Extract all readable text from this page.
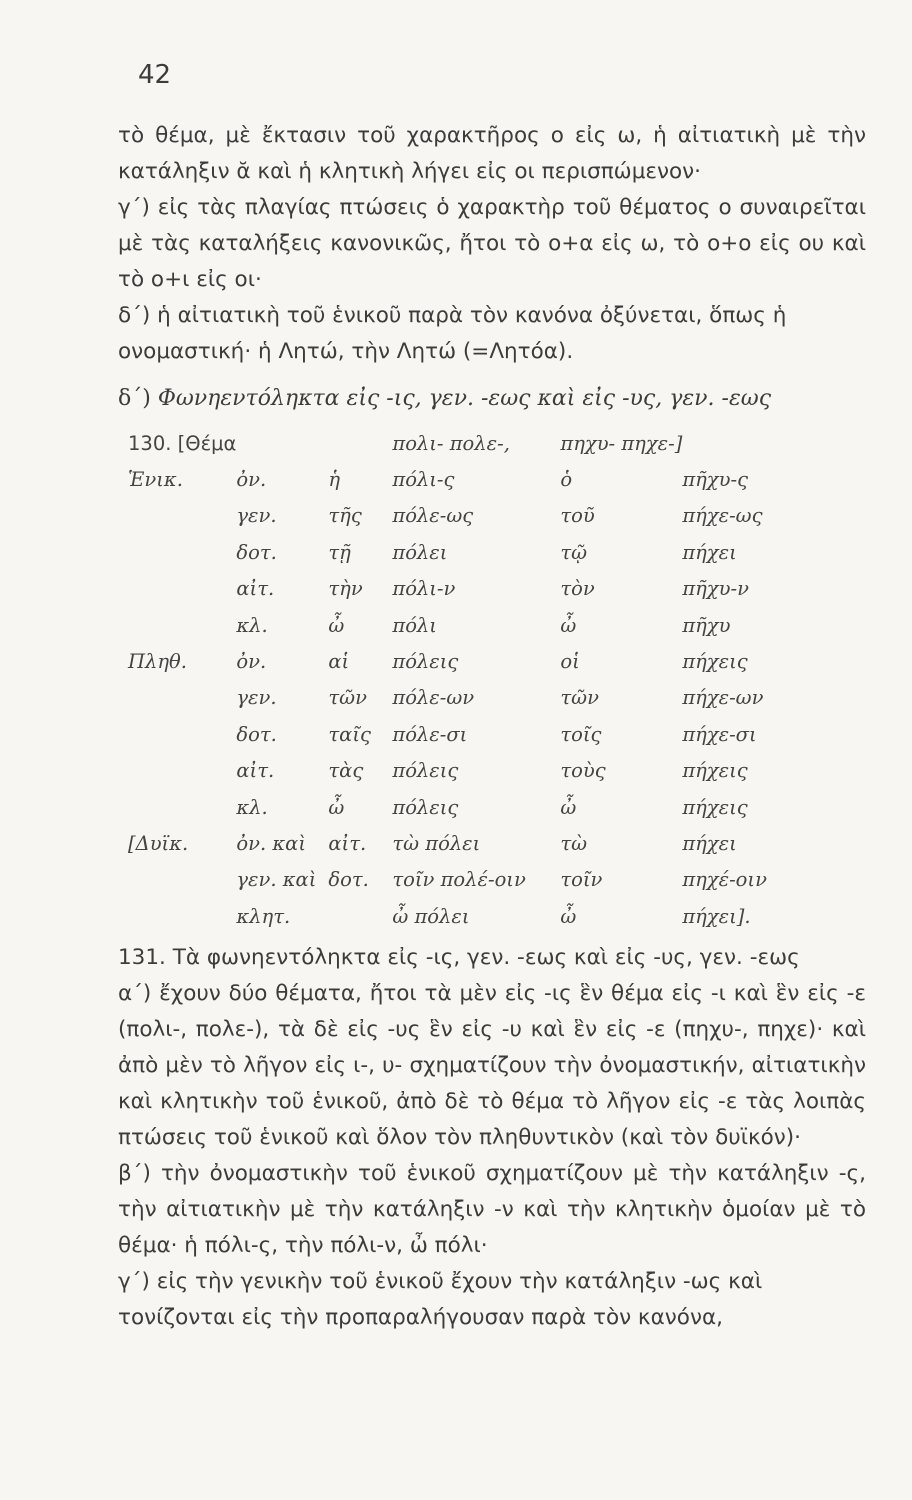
42

τὸ θέμα, μὲ ἔκτασιν τοῦ χαρακτῆρος ο εἰς ω, ἡ αἰτιατικὴ μὲ τὴν κατάληξιν ᾰ καὶ ἡ κλητικὴ λήγει εἰς οι περισπώμενον·

γ΄) εἰς τὰς πλαγίας πτώσεις ὁ χαρακτὴρ τοῦ θέματος ο συναιρεῖται μὲ τὰς καταλήξεις κανονικῶς, ἤτοι τὸ ο+α εἰς ω, τὸ ο+ο εἰς ου καὶ τὸ ο+ι εἰς οι·

δ΄) ἡ αἰτιατικὴ τοῦ ἑνικοῦ παρὰ τὸν κανόνα ὀξύνεται, ὅπως ἡ ονομαστική· ἡ Λητώ, τὴν Λητώ (=Λητόα).

δ΄) Φωνηεντόληκτα εἰς -ις, γεν. -εως καὶ εἰς -υς, γεν. -εως
130. [Θέμα			πολι- πολε-,	πηχυ- πηχε-]	
Ἑνικ.	ὀν.	ἡ	πόλι-ς	ὁ	πῆχυ-ς
	γεν.	τῆς	πόλε-ως	τοῦ	πήχε-ως
	δοτ.	τῇ	πόλει	τῷ	πήχει
	αἰτ.	τὴν	πόλι-ν	τὸν	πῆχυ-ν
	κλ.	ὦ	πόλι	ὦ	πῆχυ
Πληθ.	ὀν.	αἱ	πόλεις	οἱ	πήχεις
	γεν.	τῶν	πόλε-ων	τῶν	πήχε-ων
	δοτ.	ταῖς	πόλε-σι	τοῖς	πήχε-σι
	αἰτ.	τὰς	πόλεις	τοὺς	πήχεις
	κλ.	ὦ	πόλεις	ὦ	πήχεις
[Δυϊκ.	ὀν. καὶ	αἰτ.	τὼ πόλει	τὼ	πήχει
	γεν. καὶ	δοτ.	τοῖν πολέ-οιν	τοῖν	πηχέ-οιν
	κλητ.		ὦ πόλει	ὦ	πήχει].

131. Τὰ φωνηεντόληκτα εἰς -ις, γεν. -εως καὶ εἰς -υς, γεν. -εως

α΄) ἔχουν δύο θέματα, ἤτοι τὰ μὲν εἰς -ις ἓν θέμα εἰς -ι καὶ ἓν εἰς -ε (πολι-, πολε-), τὰ δὲ εἰς -υς ἓν εἰς -υ καὶ ἓν εἰς -ε (πηχυ-, πηχε)· καὶ ἀπὸ μὲν τὸ λῆγον εἰς ι-, υ- σχηματίζουν τὴν ὀνομαστικήν, αἰτιατικὴν καὶ κλητικὴν τοῦ ἑνικοῦ, ἀπὸ δὲ τὸ θέμα τὸ λῆγον εἰς -ε τὰς λοιπὰς πτώσεις τοῦ ἑνικοῦ καὶ ὅλον τὸν πληθυντικὸν (καὶ τὸν δυϊκόν)·

β΄) τὴν ὀνομαστικὴν τοῦ ἑνικοῦ σχηματίζουν μὲ τὴν κατάληξιν -ς, τὴν αἰτιατικὴν μὲ τὴν κατάληξιν -ν καὶ τὴν κλητικὴν ὁμοίαν μὲ τὸ θέμα· ἡ πόλι-ς, τὴν πόλι-ν, ὦ πόλι·

γ΄) εἰς τὴν γενικὴν τοῦ ἑνικοῦ ἔχουν τὴν κατάληξιν -ως καὶ τονίζονται εἰς τὴν προπαραλήγουσαν παρὰ τὸν κανόνα,
